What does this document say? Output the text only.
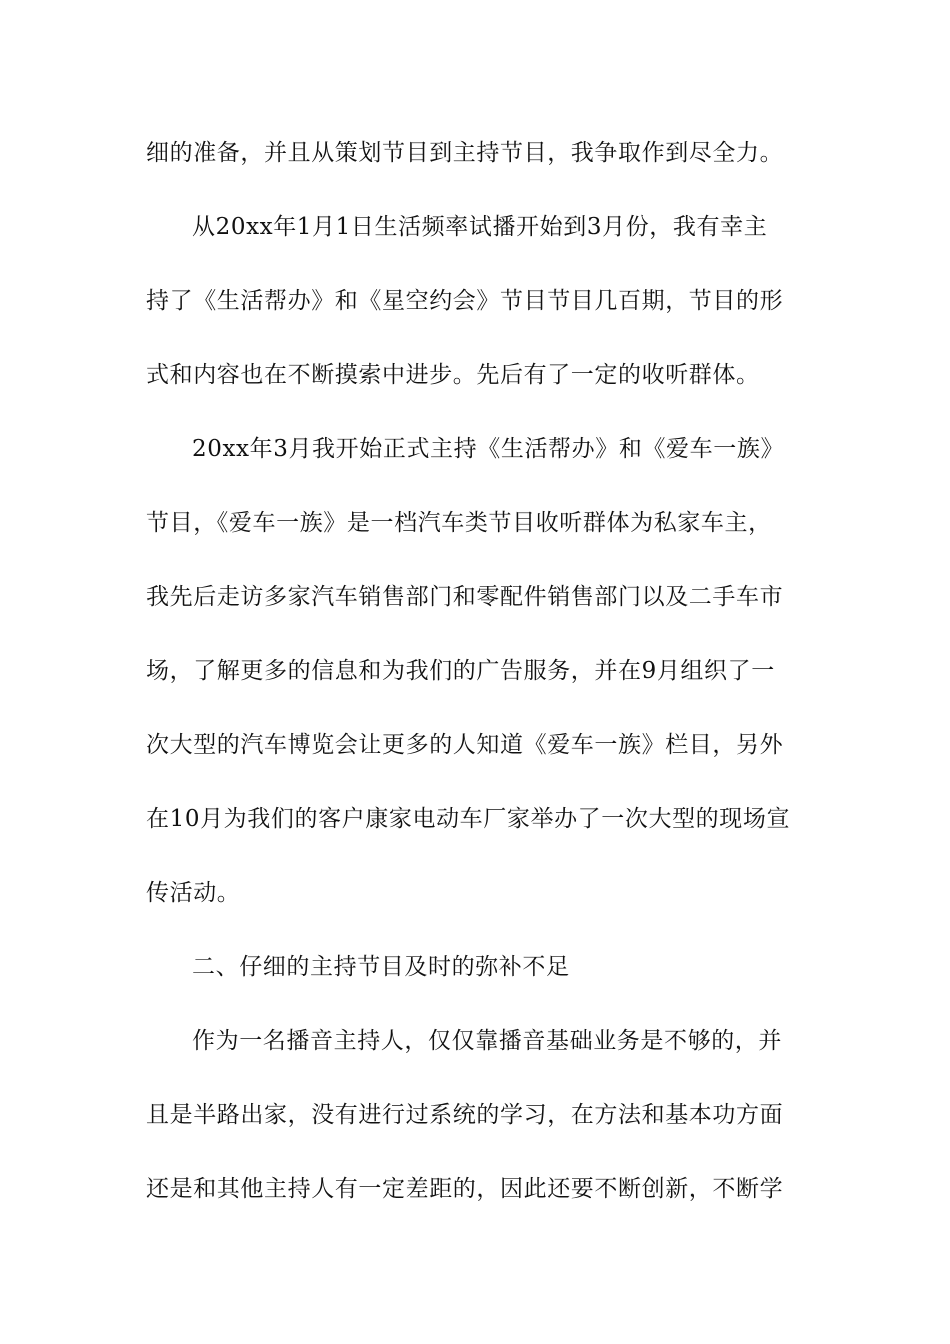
细的准备，并且从策划节目到主持节目，我争取作到尽全力。
从20xx年1月1日生活频率试播开始到3月份，我有幸主
持了《生活帮办》和《星空约会》节目节目几百期，节目的形
式和内容也在不断摸索中进步。先后有了一定的收听群体。
20xx年3月我开始正式主持《生活帮办》和《爱车一族》
节目，《爱车一族》是一档汽车类节目收听群体为私家车主，
我先后走访多家汽车销售部门和零配件销售部门以及二手车市
场，了解更多的信息和为我们的广告服务，并在9月组织了一
次大型的汽车博览会让更多的人知道《爱车一族》栏目，另外
在10月为我们的客户康家电动车厂家举办了一次大型的现场宣
传活动。
二、仔细的主持节目及时的弥补不足
作为一名播音主持人，仅仅靠播音基础业务是不够的，并
且是半路出家，没有进行过系统的学习，在方法和基本功方面
还是和其他主持人有一定差距的，因此还要不断创新，不断学
